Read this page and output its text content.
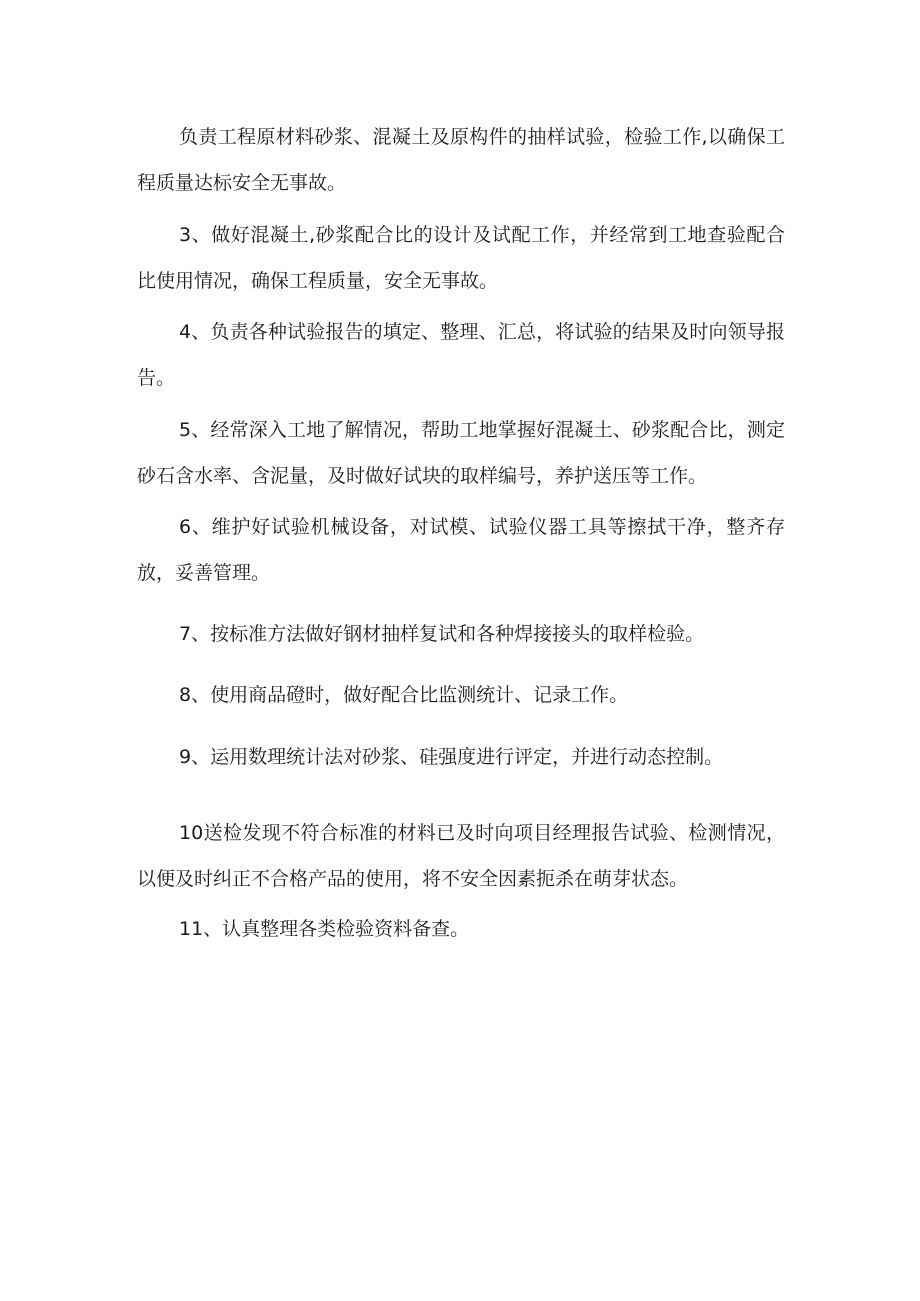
负责工程原材料砂浆、混凝土及原构件的抽样试验，检验工作,以确保工程质量达标安全无事故。

3、做好混凝土,砂浆配合比的设计及试配工作，并经常到工地查验配合比使用情况，确保工程质量，安全无事故。

4、负责各种试验报告的填定、整理、汇总，将试验的结果及时向领导报告。

5、经常深入工地了解情况，帮助工地掌握好混凝土、砂浆配合比，测定砂石含水率、含泥量，及时做好试块的取样编号，养护送压等工作。

6、维护好试验机械设备，对试模、试验仪器工具等擦拭干净，整齐存放，妥善管理。

7、按标准方法做好钢材抽样复试和各种焊接接头的取样检验。

8、使用商品磴时，做好配合比监测统计、记录工作。

9、运用数理统计法对砂浆、硅强度进行评定，并进行动态控制。

10送检发现不符合标准的材料已及时向项目经理报告试验、检测情况，以便及时纠正不合格产品的使用，将不安全因素扼杀在萌芽状态。

11、认真整理各类检验资料备查。
